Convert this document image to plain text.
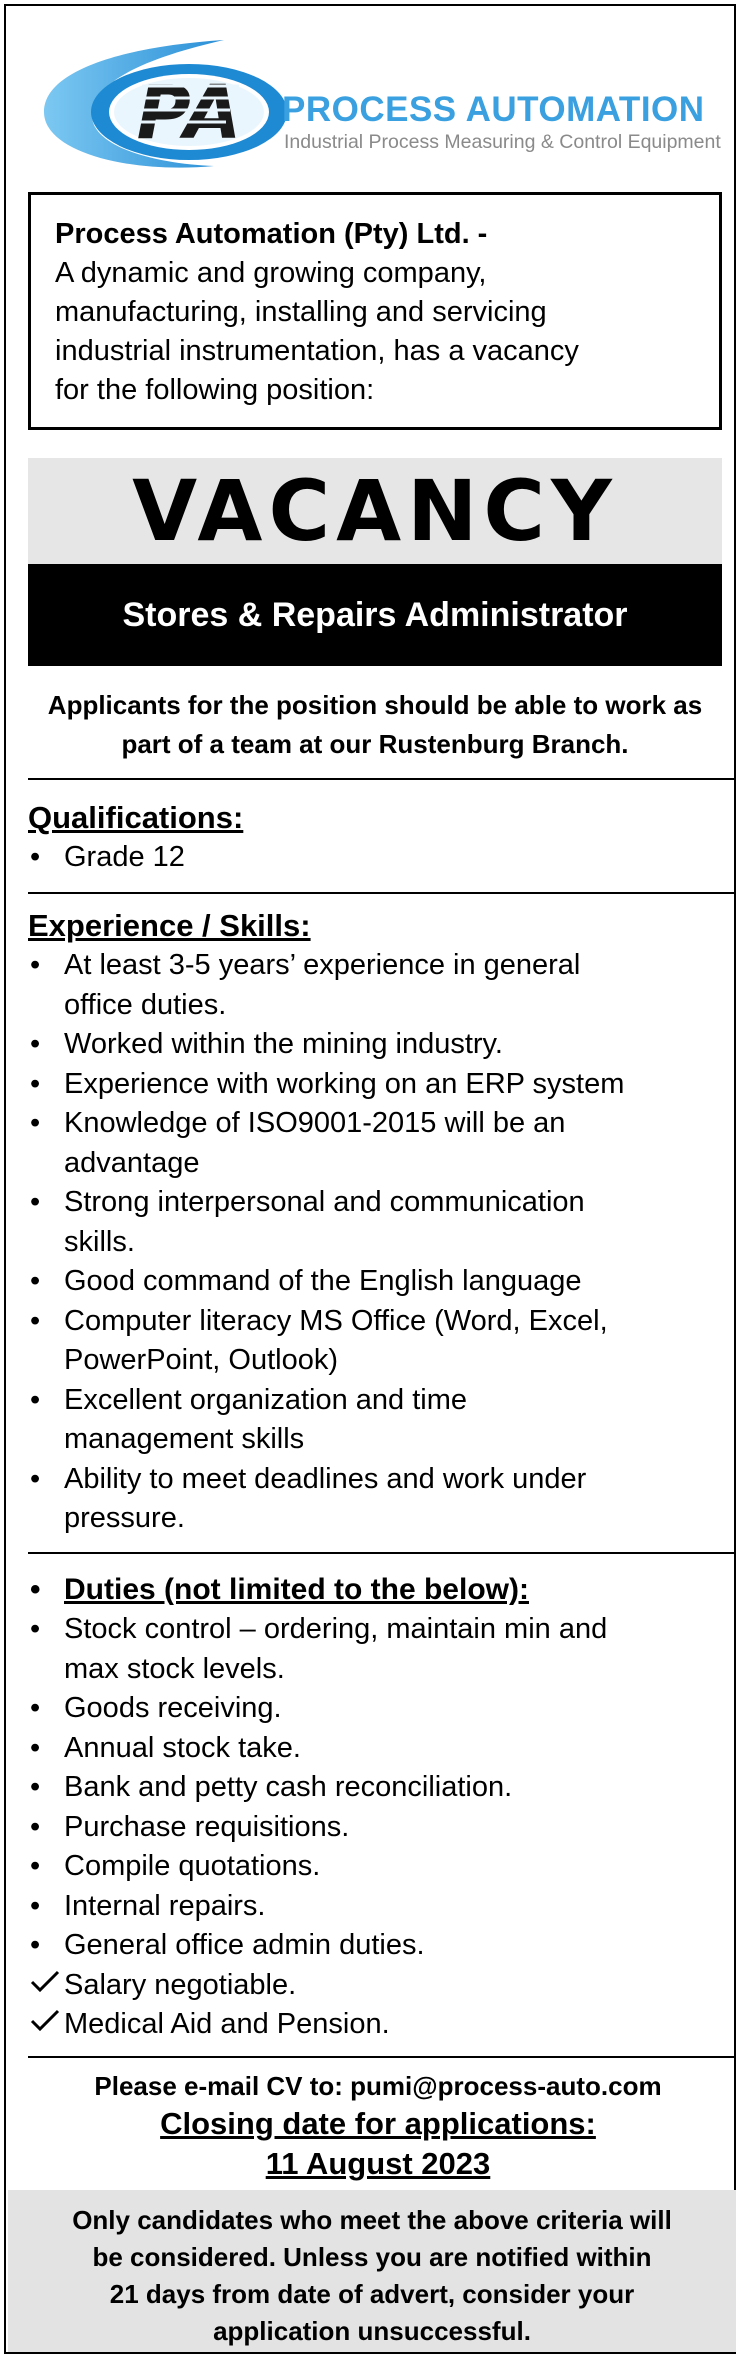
PA PROCESS AUTOMATION
Industrial Process Measuring & Control Equipment
Process Automation (Pty) Ltd. -
A dynamic and growing company,
manufacturing, installing and servicing
industrial instrumentation, has a vacancy
for the following position:
VACANCY
Stores & Repairs Administrator
Applicants for the position should be able to work as
part of a team at our Rustenburg Branch.
Qualifications:
• Grade 12
Experience / Skills:
• At least 3-5 years’ experience in general
office duties.
• Worked within the mining industry.
• Experience with working on an ERP system
• Knowledge of ISO9001-2015 will be an
advantage
• Strong interpersonal and communication
skills.
• Good command of the English language
• Computer literacy MS Office (Word, Excel,
PowerPoint, Outlook)
• Excellent organization and time
management skills
• Ability to meet deadlines and work under
pressure.
• Duties (not limited to the below):
• Stock control – ordering, maintain min and
max stock levels.
• Goods receiving.
• Annual stock take.
• Bank and petty cash reconciliation.
• Purchase requisitions.
• Compile quotations.
• Internal repairs.
• General office admin duties.
Salary negotiable.
Medical Aid and Pension.
Please e-mail CV to: pumi@process-auto.com
Closing date for applications:
11 August 2023
Only candidates who meet the above criteria will
be considered. Unless you are notified within
21 days from date of advert, consider your
application unsuccessful.
